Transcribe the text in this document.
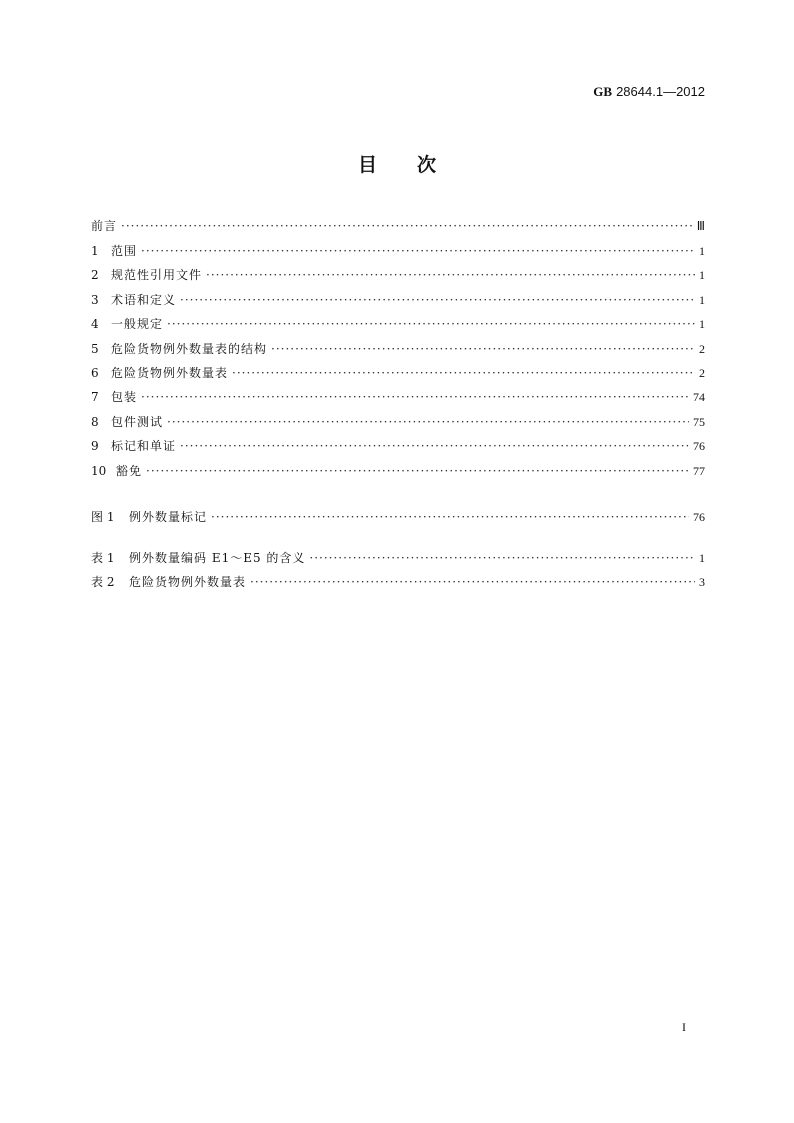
GB 28644.1—2012
目次
前言 ·····	Ⅲ
1	范围 ·····	1
2	规范性引用文件 ·····	1
3	术语和定义 ·····	1
4	一般规定 ·····	1
5	危险货物例外数量表的结构 ·····	2
6	危险货物例外数量表 ·····	2
7	包装 ·····	74
8	包件测试 ·····	75
9	标记和单证 ·····	76
10 豁免 ·····	77
图 1	例外数量标记 ·····	76
表 1	例外数量编码 E1～E5 的含义 ·····	1
表 2	危险货物例外数量表 ·····	3
I
